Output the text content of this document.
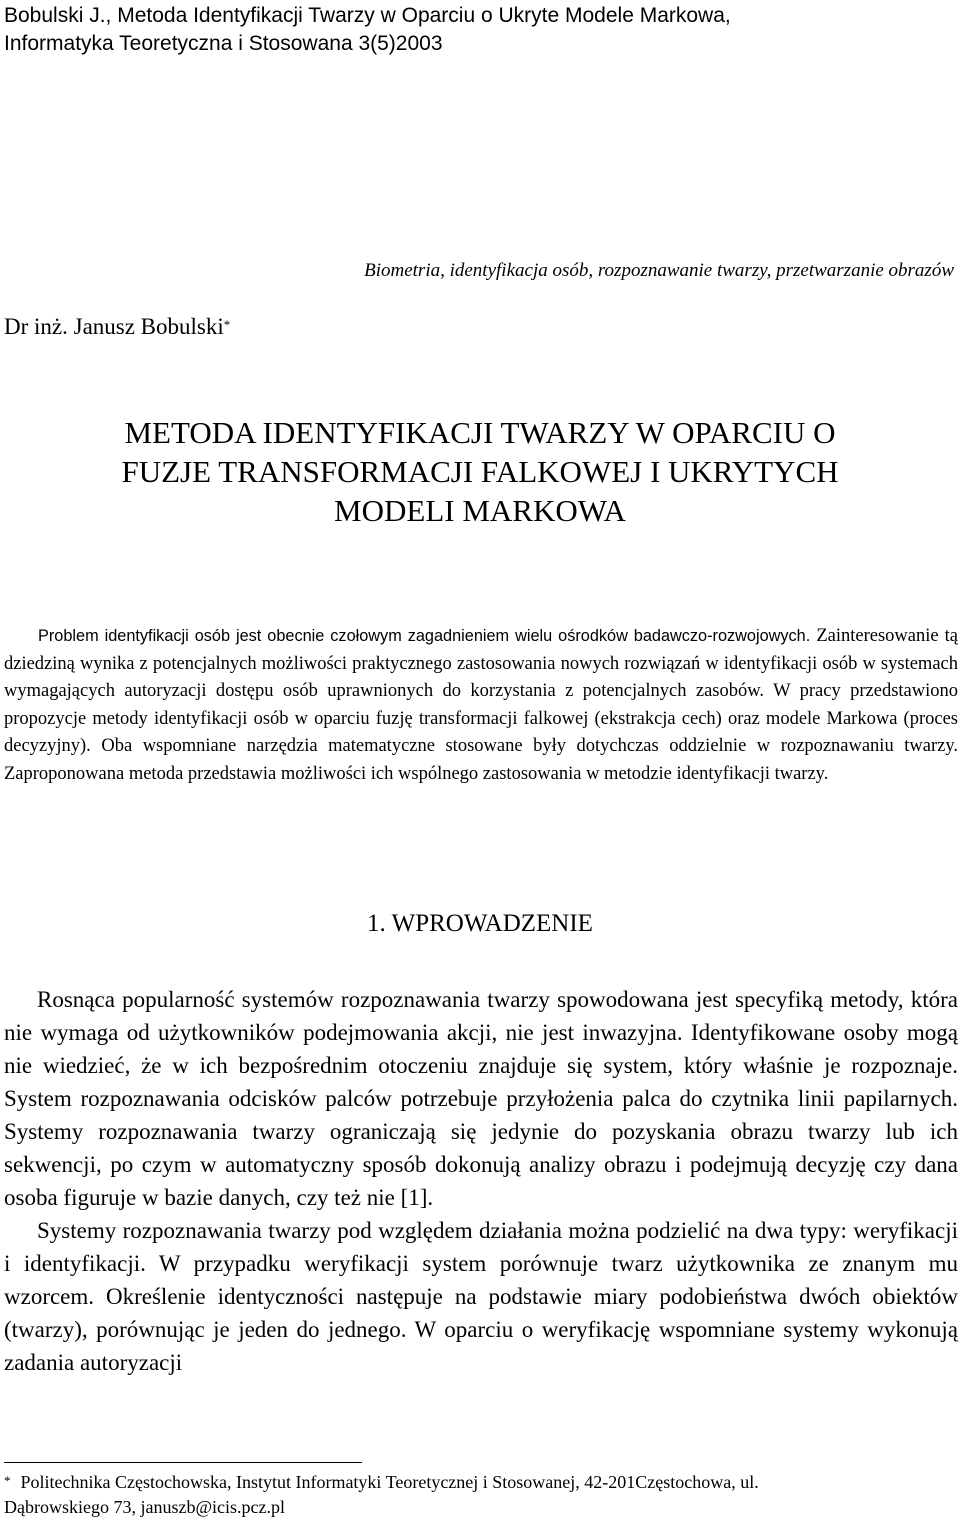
Bobulski J., Metoda Identyfikacji Twarzy w Oparciu o Ukryte Modele Markowa,
Informatyka Teoretyczna i Stosowana 3(5)2003
Biometria, identyfikacja osób, rozpoznawanie twarzy, przetwarzanie obrazów
Dr inż. Janusz Bobulski*
METODA IDENTYFIKACJI TWARZY W OPARCIU O
FUZJE TRANSFORMACJI FALKOWEJ I UKRYTYCH
MODELI MARKOWA

Problem identyfikacji osób jest obecnie czołowym zagadnieniem wielu ośrodków badawczo-rozwojowych. Zainteresowanie tą dziedziną wynika z potencjalnych możliwości praktycznego zastosowania nowych rozwiązań w identyfikacji osób w systemach wymagających autoryzacji dostępu osób uprawnionych do korzystania z potencjalnych zasobów. W pracy przedstawiono propozycje metody identyfikacji osób w oparciu fuzję transformacji falkowej (ekstrakcja cech) oraz modele Markowa (proces decyzyjny). Oba wspomniane narzędzia matematyczne stosowane były dotychczas oddzielnie w rozpoznawaniu twarzy. Zaproponowana metoda przedstawia możliwości ich wspólnego zastosowania w metodzie identyfikacji twarzy.

1. WPROWADZENIE

Rosnąca popularność systemów rozpoznawania twarzy spowodowana jest specyfiką metody, która nie wymaga od użytkowników podejmowania akcji, nie jest inwazyjna. Identyfikowane osoby mogą nie wiedzieć, że w ich bezpośrednim otoczeniu znajduje się system, który właśnie je rozpoznaje. System rozpoznawania odcisków palców potrzebuje przyłożenia palca do czytnika linii papilarnych. Systemy rozpoznawania twarzy ograniczają się jedynie do pozyskania obrazu twarzy lub ich sekwencji, po czym w automatyczny sposób dokonują analizy obrazu i podejmują decyzję czy dana osoba figuruje w bazie danych, czy też nie [1].

Systemy rozpoznawania twarzy pod względem działania można podzielić na dwa typy: weryfikacji i identyfikacji. W przypadku weryfikacji system porównuje twarz użytkownika ze znanym mu wzorcem. Określenie identyczności następuje na podstawie miary podobieństwa dwóch obiektów (twarzy), porównując je jeden do jednego. W oparciu o weryfikację wspomniane systemy wykonują zadania autoryzacji

* Politechnika Częstochowska, Instytut Informatyki Teoretycznej i Stosowanej, 42-201Częstochowa, ul.
Dąbrowskiego 73, januszb@icis.pcz.pl
